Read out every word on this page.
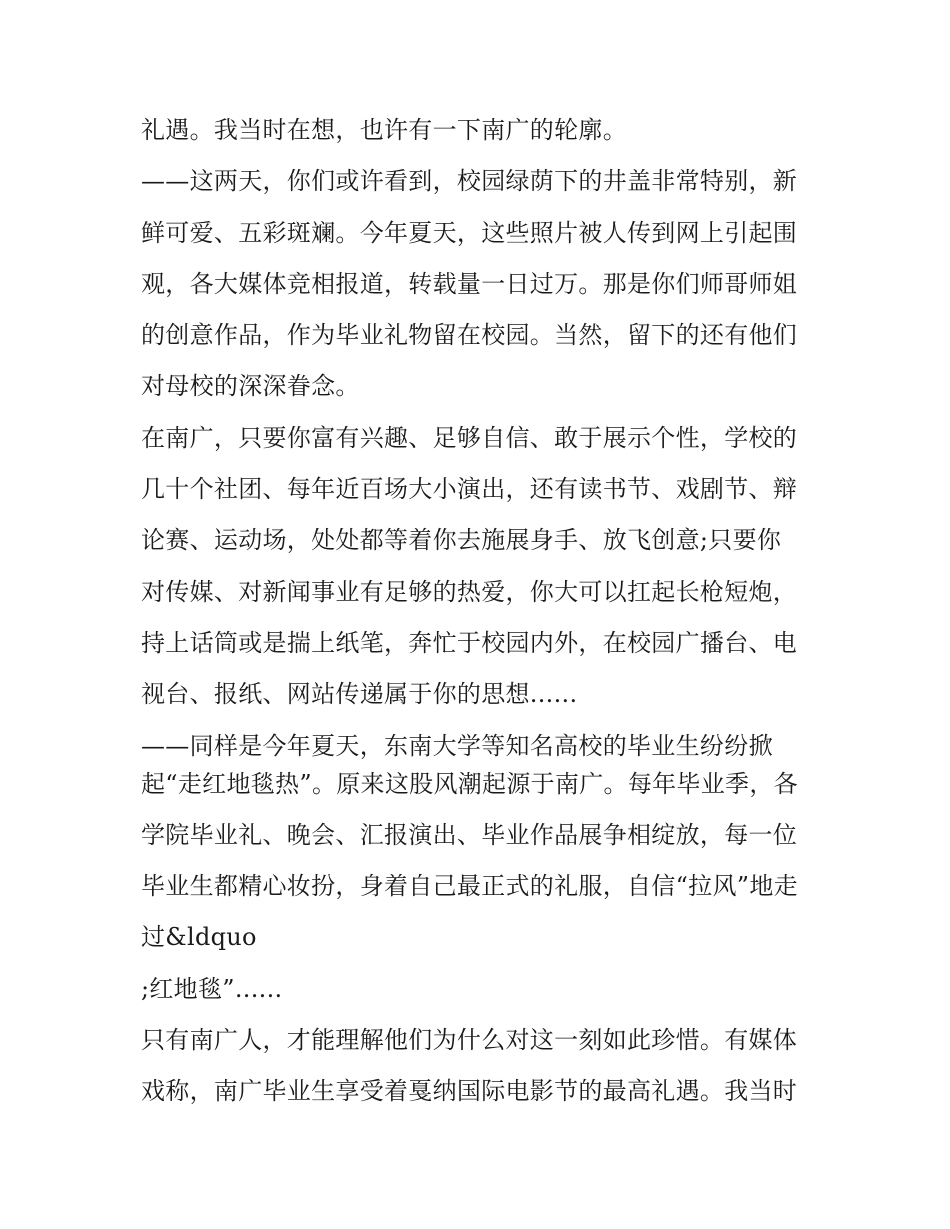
礼遇。我当时在想，也许有一下南广的轮廓。
——这两天，你们或许看到，校园绿荫下的井盖非常特别，新
鲜可爱、五彩斑斓。今年夏天，这些照片被人传到网上引起围
观，各大媒体竞相报道，转载量一日过万。那是你们师哥师姐
的创意作品，作为毕业礼物留在校园。当然，留下的还有他们
对母校的深深眷念。
在南广，只要你富有兴趣、足够自信、敢于展示个性，学校的
几十个社团、每年近百场大小演出，还有读书节、戏剧节、辩
论赛、运动场，处处都等着你去施展身手、放飞创意;只要你
对传媒、对新闻事业有足够的热爱，你大可以扛起长枪短炮，
持上话筒或是揣上纸笔，奔忙于校园内外，在校园广播台、电
视台、报纸、网站传递属于你的思想......
——同样是今年夏天，东南大学等知名高校的毕业生纷纷掀
起“走红地毯热”。原来这股风潮起源于南广。每年毕业季，各
学院毕业礼、晚会、汇报演出、毕业作品展争相绽放，每一位
毕业生都精心妆扮，身着自己最正式的礼服，自信“拉风”地走
过&ldquo
;红地毯”......
只有南广人，才能理解他们为什么对这一刻如此珍惜。有媒体
戏称，南广毕业生享受着戛纳国际电影节的最高礼遇。我当时
